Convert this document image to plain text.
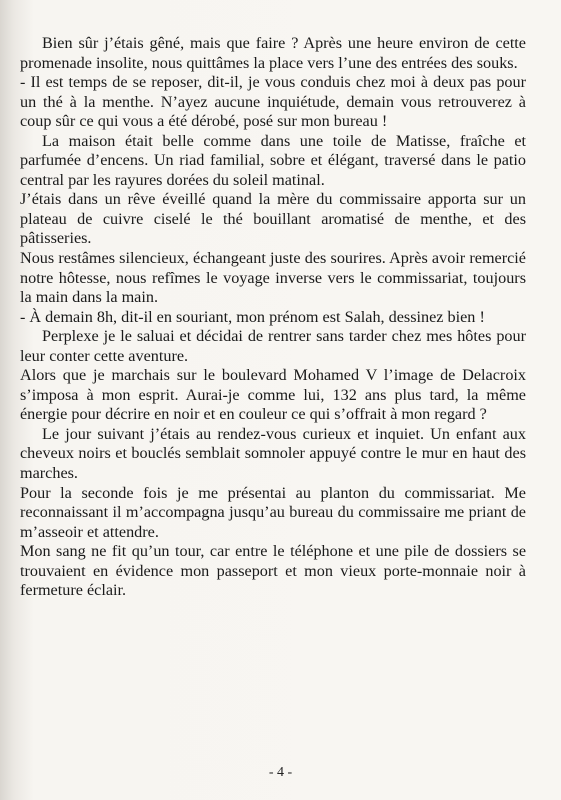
Bien sûr j’étais gêné, mais que faire ? Après une heure environ de cette promenade insolite, nous quittâmes la place vers l’une des entrées des souks.

- Il est temps de se reposer, dit-il, je vous conduis chez moi à deux pas pour un thé à la menthe. N’ayez aucune inquiétude, demain vous retrouverez à coup sûr ce qui vous a été dérobé, posé sur mon bureau !

La maison était belle comme dans une toile de Matisse, fraîche et parfumée d’encens. Un riad familial, sobre et élégant, traversé dans le patio central par les rayures dorées du soleil matinal.

J’étais dans un rêve éveillé quand la mère du commissaire apporta sur un plateau de cuivre ciselé le thé bouillant aromatisé de menthe, et des pâtisseries.

Nous restâmes silencieux, échangeant juste des sourires. Après avoir remercié notre hôtesse, nous refîmes le voyage inverse vers le commissariat, toujours la main dans la main.

- À demain 8h, dit-il en souriant, mon prénom est Salah, dessinez bien !

Perplexe je le saluai et décidai de rentrer sans tarder chez mes hôtes pour leur conter cette aventure.

Alors que je marchais sur le boulevard Mohamed V l’image de Delacroix s’imposa à mon esprit. Aurai-je comme lui, 132 ans plus tard, la même énergie pour décrire en noir et en couleur ce qui s’offrait à mon regard ?

Le jour suivant j’étais au rendez-vous curieux et inquiet. Un enfant aux cheveux noirs et bouclés semblait somnoler appuyé contre le mur en haut des marches.

Pour la seconde fois je me présentai au planton du commissariat. Me reconnaissant il m’accompagna jusqu’au bureau du commissaire me priant de m’asseoir et attendre.

Mon sang ne fit qu’un tour, car entre le téléphone et une pile de dossiers se trouvaient en évidence mon passeport et mon vieux porte-monnaie noir à fermeture éclair.

- 4 -
